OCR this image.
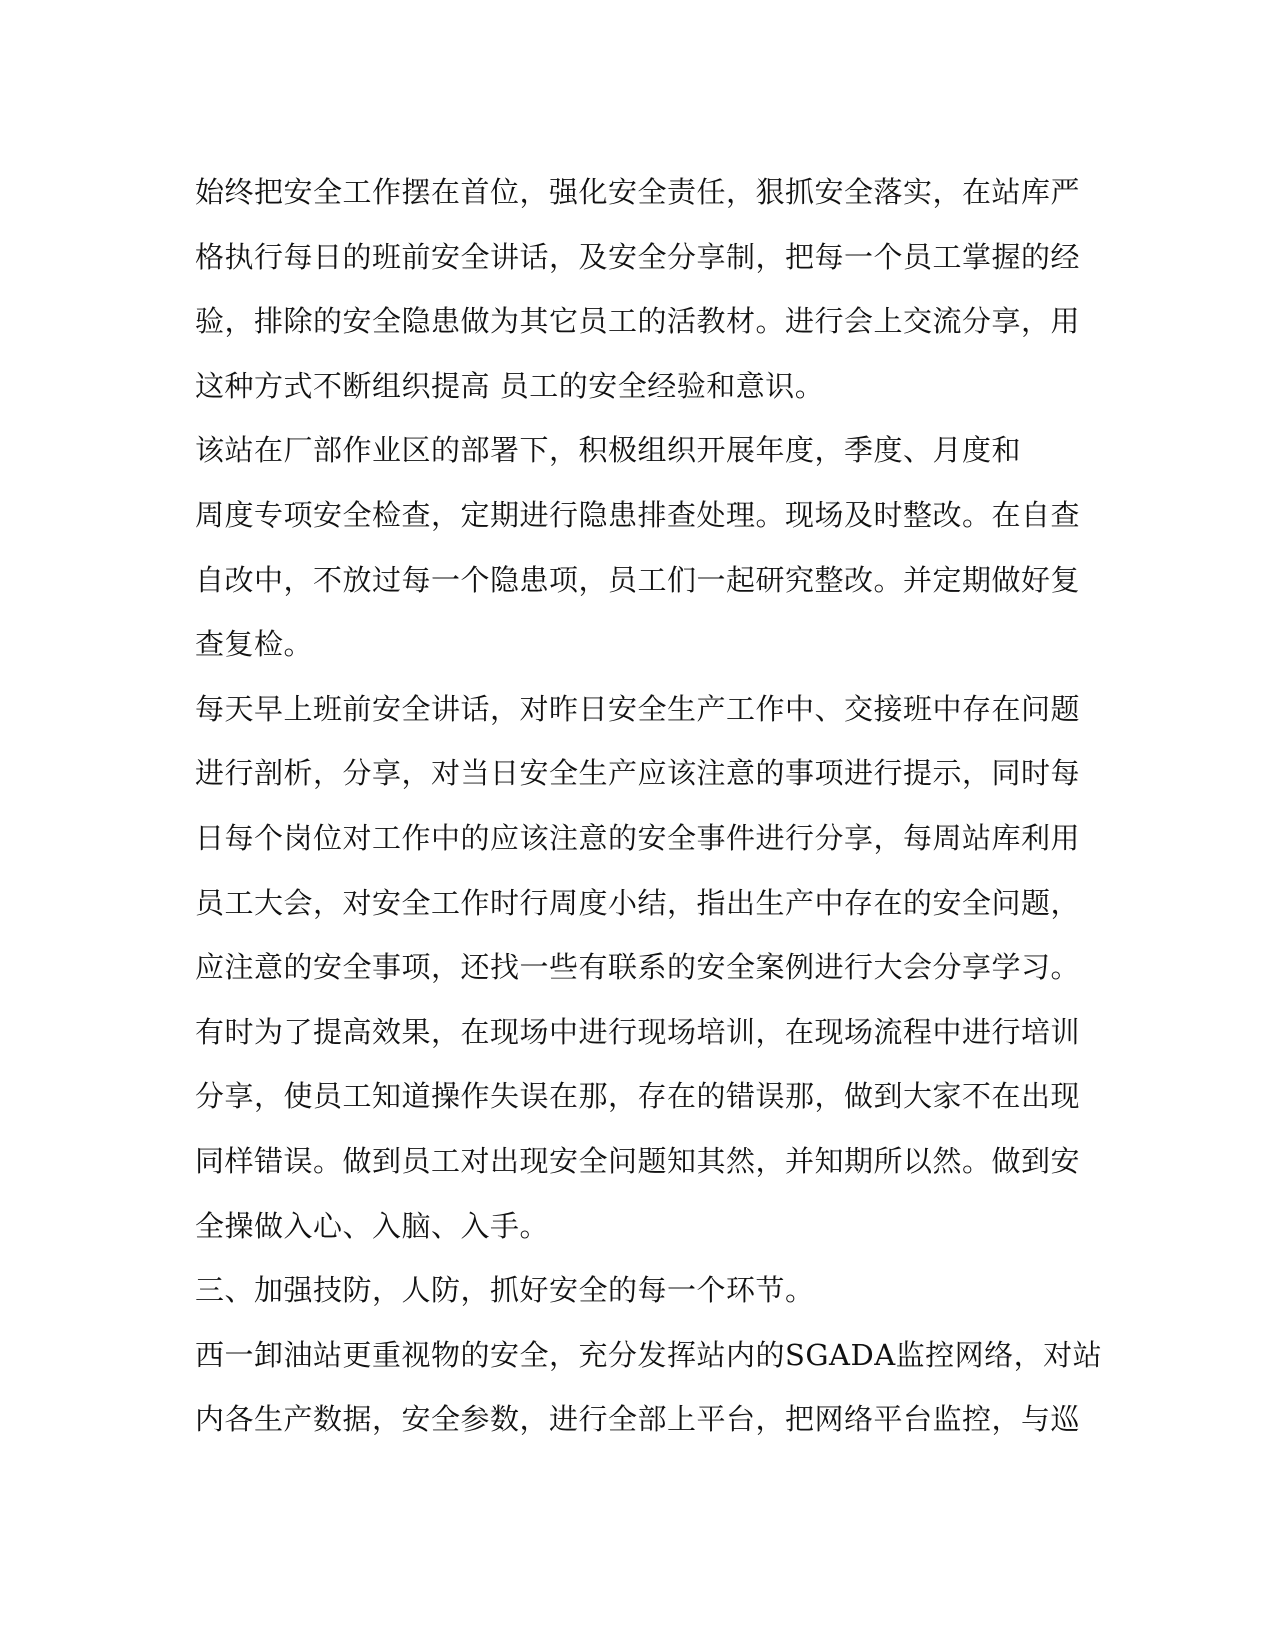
始终把安全工作摆在首位，强化安全责任，狠抓安全落实，在站库严
格执行每日的班前安全讲话，及安全分享制，把每一个员工掌握的经
验，排除的安全隐患做为其它员工的活教材。进行会上交流分享，用
这种方式不断组织提高 员工的安全经验和意识。
该站在厂部作业区的部署下，积极组织开展年度，季度、月度和
周度专项安全检查，定期进行隐患排查处理。现场及时整改。在自查
自改中，不放过每一个隐患项，员工们一起研究整改。并定期做好复
查复检。
每天早上班前安全讲话，对昨日安全生产工作中、交接班中存在问题
进行剖析，分享，对当日安全生产应该注意的事项进行提示，同时每
日每个岗位对工作中的应该注意的安全事件进行分享，每周站库利用
员工大会，对安全工作时行周度小结，指出生产中存在的安全问题，
应注意的安全事项，还找一些有联系的安全案例进行大会分享学习。
有时为了提高效果，在现场中进行现场培训，在现场流程中进行培训
分享，使员工知道操作失误在那，存在的错误那，做到大家不在出现
同样错误。做到员工对出现安全问题知其然，并知期所以然。做到安
全操做入心、入脑、入手。
三、加强技防，人防，抓好安全的每一个环节。
西一卸油站更重视物的安全，充分发挥站内的SGADA监控网络，对站
内各生产数据，安全参数，进行全部上平台，把网络平台监控，与巡
